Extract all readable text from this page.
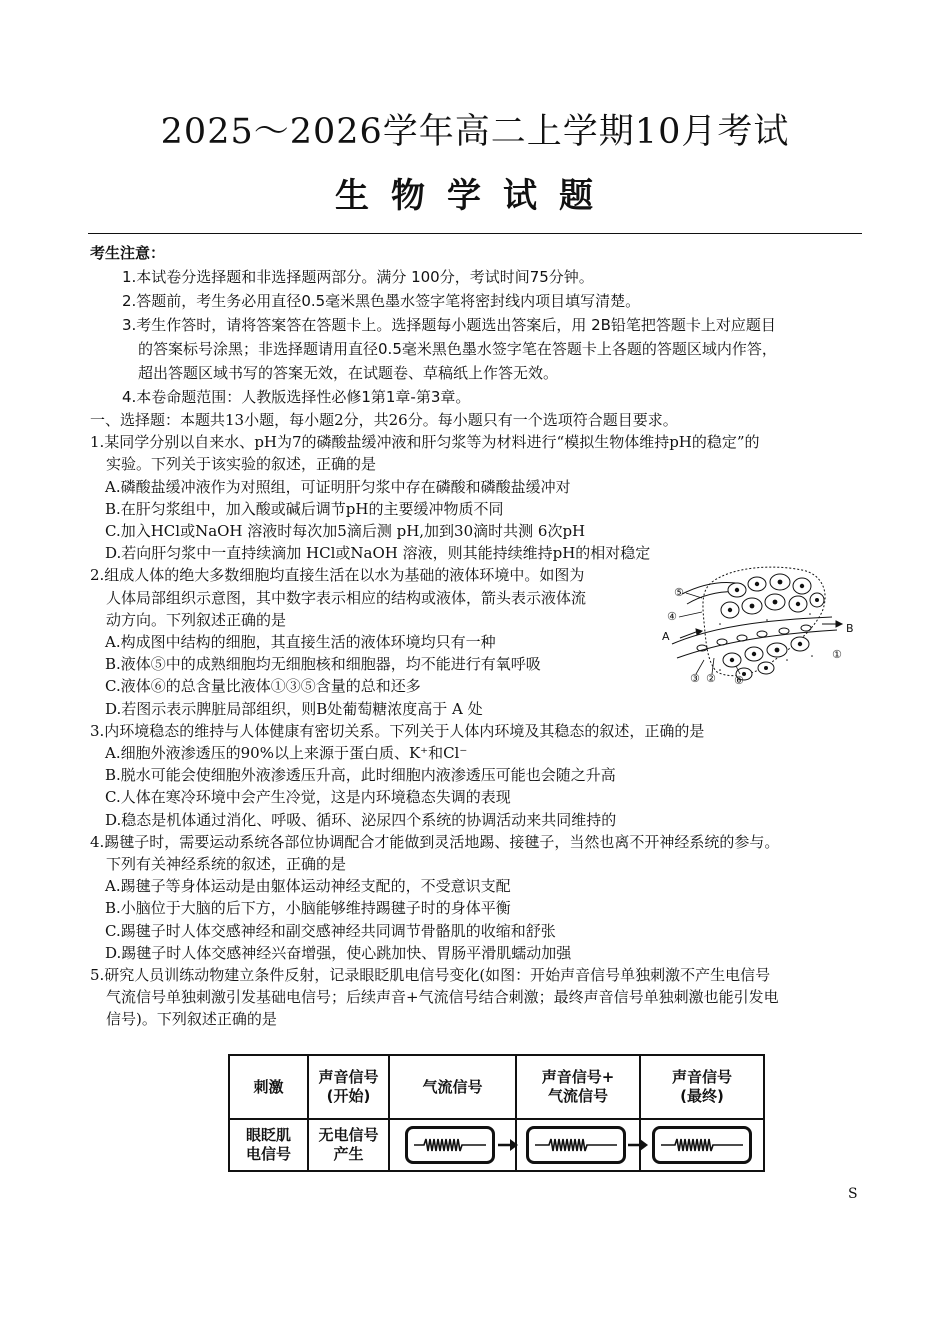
2025～2026学年高二上学期10月考试
生物学试题
考生注意：
1.本试卷分选择题和非选择题两部分。满分 100分，考试时间75分钟。
2.答题前，考生务必用直径0.5毫米黑色墨水签字笔将密封线内项目填写清楚。
3.考生作答时，请将答案答在答题卡上。选择题每小题选出答案后，用 2B铅笔把答题卡上对应题目
的答案标号涂黑；非选择题请用直径0.5毫米黑色墨水签字笔在答题卡上各题的答题区域内作答，
超出答题区域书写的答案无效，在试题卷、草稿纸上作答无效。
4.本卷命题范围：人教版选择性必修1第1章-第3章。
一、选择题：本题共13小题，每小题2分，共26分。每小题只有一个选项符合题目要求。
1.某同学分别以自来水、pH为7的磷酸盐缓冲液和肝匀浆等为材料进行“模拟生物体维持pH的稳定”的
实验。下列关于该实验的叙述，正确的是
A.磷酸盐缓冲液作为对照组，可证明肝匀浆中存在磷酸和磷酸盐缓冲对
B.在肝匀浆组中，加入酸或碱后调节pH的主要缓冲物质不同
C.加入HCl或NaOH 溶液时每次加5滴后测 pH,加到30滴时共测 6次pH
D.若向肝匀浆中一直持续滴加 HCl或NaOH 溶液，则其能持续维持pH的相对稳定
2.组成人体的绝大多数细胞均直接生活在以水为基础的液体环境中。如图为
人体局部组织示意图，其中数字表示相应的结构或液体，箭头表示液体流
动方向。下列叙述正确的是
A.构成图中结构的细胞，其直接生活的液体环境均只有一种
B.液体⑤中的成熟细胞均无细胞核和细胞器，均不能进行有氧呼吸
C.液体⑥的总含量比液体①③⑤含量的总和还多
D.若图示表示脾脏局部组织，则B处葡萄糖浓度高于 A 处
3.内环境稳态的维持与人体健康有密切关系。下列关于人体内环境及其稳态的叙述，正确的是
A.细胞外液渗透压的90%以上来源于蛋白质、K⁺和Cl⁻
B.脱水可能会使细胞外液渗透压升高，此时细胞内液渗透压可能也会随之升高
C.人体在寒冷环境中会产生冷觉，这是内环境稳态失调的表现
D.稳态是机体通过消化、呼吸、循环、泌尿四个系统的协调活动来共同维持的
4.踢毽子时，需要运动系统各部位协调配合才能做到灵活地踢、接毽子，当然也离不开神经系统的参与。
下列有关神经系统的叙述，正确的是
A.踢毽子等身体运动是由躯体运动神经支配的，不受意识支配
B.小脑位于大脑的后下方，小脑能够维持踢毽子时的身体平衡
C.踢毽子时人体交感神经和副交感神经共同调节骨骼肌的收缩和舒张
D.踢毽子时人体交感神经兴奋增强，使心跳加快、胃肠平滑肌蠕动加强
5.研究人员训练动物建立条件反射，记录眼眨肌电信号变化(如图：开始声音信号单独刺激不产生电信号
气流信号单独刺激引发基础电信号；后续声音+气流信号结合刺激；最终声音信号单独刺激也能引发电
信号)。下列叙述正确的是
⑤
④
A
B
①
③ ② ⑥
刺激
眼眨肌
电信号
声音信号
(开始)
气流信号
声音信号+
气流信号
声音信号
(最终)
无电信号
产生
S
